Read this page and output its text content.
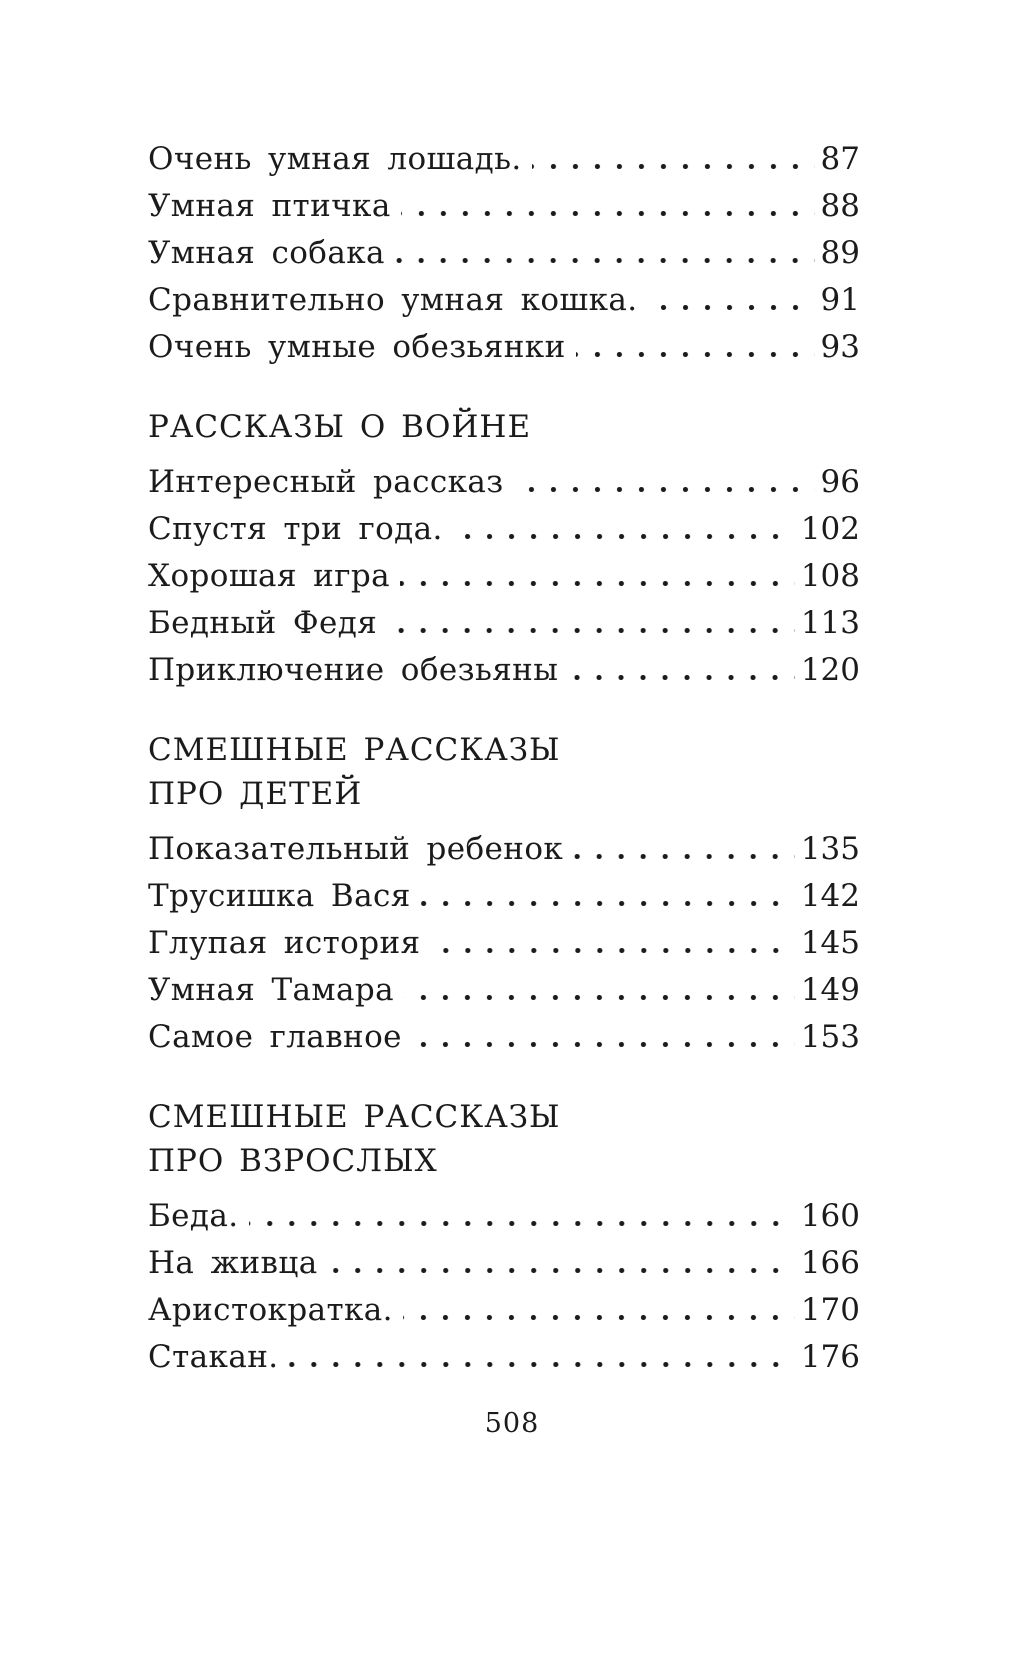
Очень умная лошадь.	87
Умная птичка	88
Умная собака	89
Сравнительно умная кошка.	91
Очень умные обезьянки	93
РАССКАЗЫ О ВОЙНЕ
Интересный рассказ	96
Спустя три года.	102
Хорошая игра	108
Бедный Федя	113
Приключение обезьяны	120
СМЕШНЫЕ РАССКАЗЫ
ПРО ДЕТЕЙ
Показательный ребенок	135
Трусишка Вася	142
Глупая история	145
Умная Тамара	149
Самое главное	153
СМЕШНЫЕ РАССКАЗЫ
ПРО ВЗРОСЛЫХ
Беда.	160
На живца	166
Аристократка.	170
Стакан.	176
508
